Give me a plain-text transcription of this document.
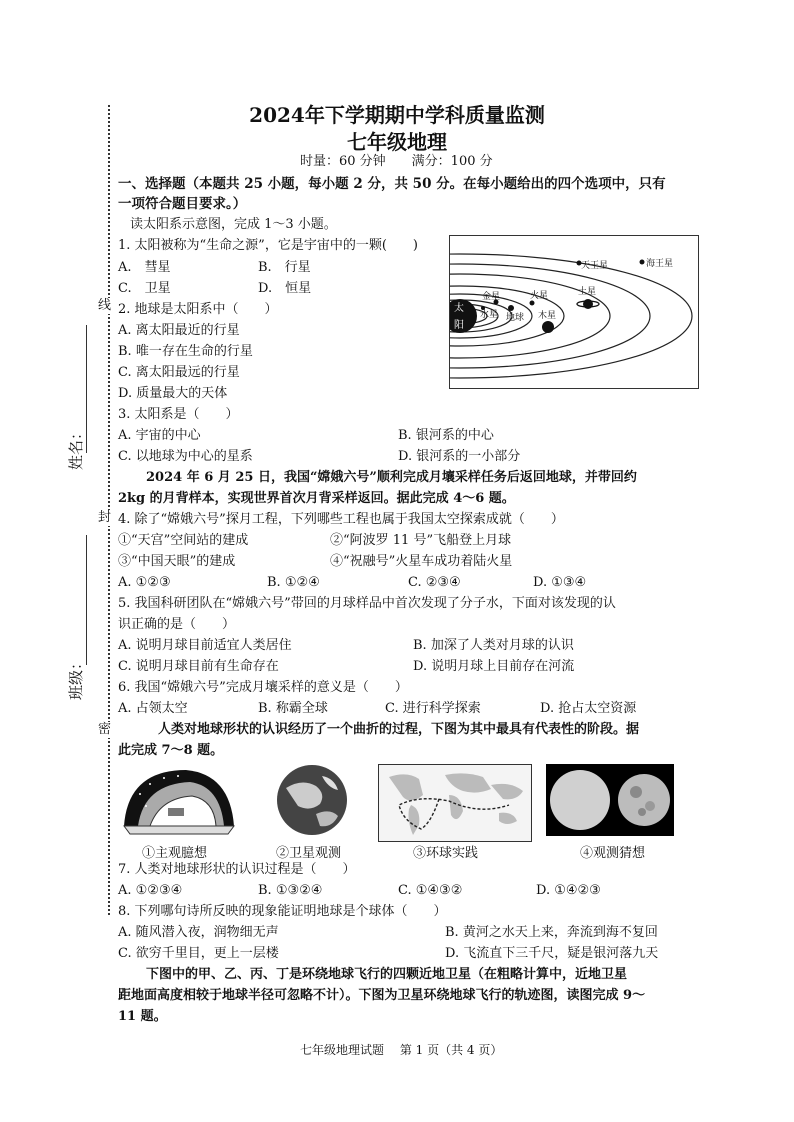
线
封
密
姓名：
班级：
2024年下学期期中学科质量监测
七年级地理
时量：60 分钟　　满分：100 分
一、选择题（本题共 25 小题，每小题 2 分，共 50 分。在每小题给出的四个选项中，只有
一项符合题目要求。）
读太阳系示意图，完成 1～3 小题。
1. 太阳被称为“生命之源”，它是宇宙中的一颗(　　)
A.　彗星	B.　行星
C.　卫星	D.　恒星
2. 地球是太阳系中（　　）
A. 离太阳最近的行星
B. 唯一存在生命的行星
C. 离太阳最远的行星
D. 质量最大的天体
3. 太阳系是（　　）
A. 宇宙的中心	B. 银河系的中心
C. 以地球为中心的星系	D. 银河系的一小部分
太
阳
水星
金星
地球
火星
木星
土星
天王星	海王星
2024 年 6 月 25 日，我国“嫦娥六号”顺利完成月壤采样任务后返回地球，并带回约
2kg 的月背样本，实现世界首次月背采样返回。据此完成 4～6 题。
4. 除了“嫦娥六号”探月工程，下列哪些工程也属于我国太空探索成就（　　）
①“天宫”空间站的建成	②“阿波罗 11 号”飞船登上月球
③“中国天眼”的建成	④“祝融号”火星车成功着陆火星
A. ①②③	B. ①②④	C. ②③④	D. ①③④
5. 我国科研团队在“嫦娥六号”带回的月球样品中首次发现了分子水，下面对该发现的认
识正确的是（　　）
A. 说明月球目前适宜人类居住	B. 加深了人类对月球的认识
C. 说明月球目前有生命存在	D. 说明月球上目前存在河流
6. 我国“嫦娥六号”完成月壤采样的意义是（　　）
A. 占领太空	B. 称霸全球	C. 进行科学探索	D. 抢占太空资源
人类对地球形状的认识经历了一个曲折的过程，下图为其中最具有代表性的阶段。据
此完成 7～8 题。
①主观臆想	②卫星观测	③环球实践	④观测猜想
7. 人类对地球形状的认识过程是（　　）
A. ①②③④	B. ①③②④	C. ①④③②	D. ①④②③
8. 下列哪句诗所反映的现象能证明地球是个球体（　　）
A. 随风潜入夜，润物细无声	B. 黄河之水天上来，奔流到海不复回
C. 欲穷千里目，更上一层楼	D. 飞流直下三千尺，疑是银河落九天
下图中的甲、乙、丙、丁是环绕地球飞行的四颗近地卫星（在粗略计算中，近地卫星
距地面高度相较于地球半径可忽略不计）。下图为卫星环绕地球飞行的轨迹图，读图完成 9～
11 题。
七年级地理试题　 第 1 页（共 4 页）
